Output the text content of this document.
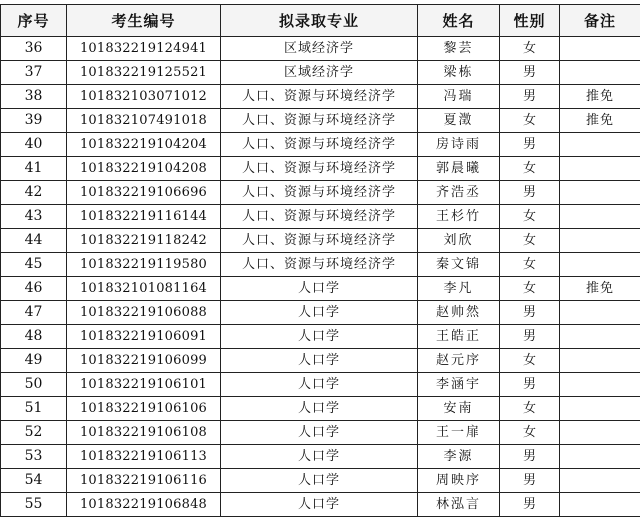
序号	考生编号	拟录取专业	姓名	性别	备注
36	101832219124941	区域经济学	黎芸	女	
37	101832219125521	区域经济学	梁栋	男	
38	101832103071012	人口、资源与环境经济学	冯瑞	男	推免
39	101832107491018	人口、资源与环境经济学	夏澂	女	推免
40	101832219104204	人口、资源与环境经济学	房诗雨	男	
41	101832219104208	人口、资源与环境经济学	郭晨曦	女	
42	101832219106696	人口、资源与环境经济学	齐浩丞	男	
43	101832219116144	人口、资源与环境经济学	王杉竹	女	
44	101832219118242	人口、资源与环境经济学	刘欣	女	
45	101832219119580	人口、资源与环境经济学	秦文锦	女	
46	101832101081164	人口学	李凡	女	推免
47	101832219106088	人口学	赵帅然	男	
48	101832219106091	人口学	王皓正	男	
49	101832219106099	人口学	赵元序	女	
50	101832219106101	人口学	李涵宇	男	
51	101832219106106	人口学	安南	女	
52	101832219106108	人口学	王一扉	女	
53	101832219106113	人口学	李源	男	
54	101832219106116	人口学	周映序	男	
55	101832219106848	人口学	林泓言	男	
